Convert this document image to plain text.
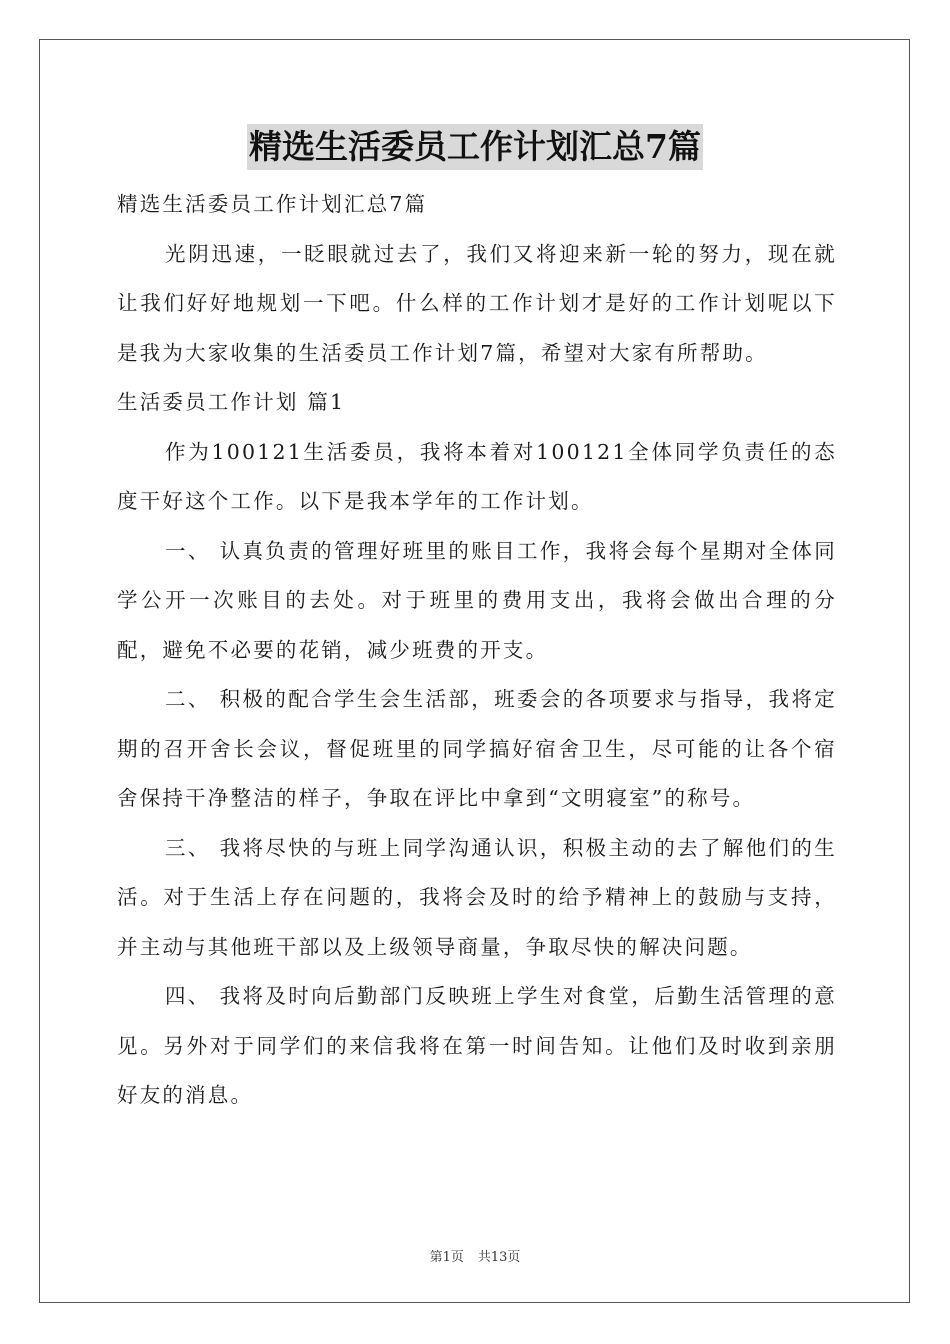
精选生活委员工作计划汇总7篇

精选生活委员工作计划汇总7篇

光阴迅速，一眨眼就过去了，我们又将迎来新一轮的努力，现在就让我们好好地规划一下吧。什么样的工作计划才是好的工作计划呢以下是我为大家收集的生活委员工作计划7篇，希望对大家有所帮助。

生活委员工作计划 篇1

作为100121生活委员，我将本着对100121全体同学负责任的态度干好这个工作。以下是我本学年的工作计划。

一、 认真负责的管理好班里的账目工作，我将会每个星期对全体同学公开一次账目的去处。对于班里的费用支出，我将会做出合理的分配，避免不必要的花销，减少班费的开支。

二、 积极的配合学生会生活部，班委会的各项要求与指导，我将定期的召开舍长会议，督促班里的同学搞好宿舍卫生，尽可能的让各个宿舍保持干净整洁的样子，争取在评比中拿到“文明寝室”的称号。

三、 我将尽快的与班上同学沟通认识，积极主动的去了解他们的生活。对于生活上存在问题的，我将会及时的给予精神上的鼓励与支持，并主动与其他班干部以及上级领导商量，争取尽快的解决问题。

四、 我将及时向后勤部门反映班上学生对食堂，后勤生活管理的意见。另外对于同学们的来信我将在第一时间告知。让他们及时收到亲朋好友的消息。

第1页 共13页
